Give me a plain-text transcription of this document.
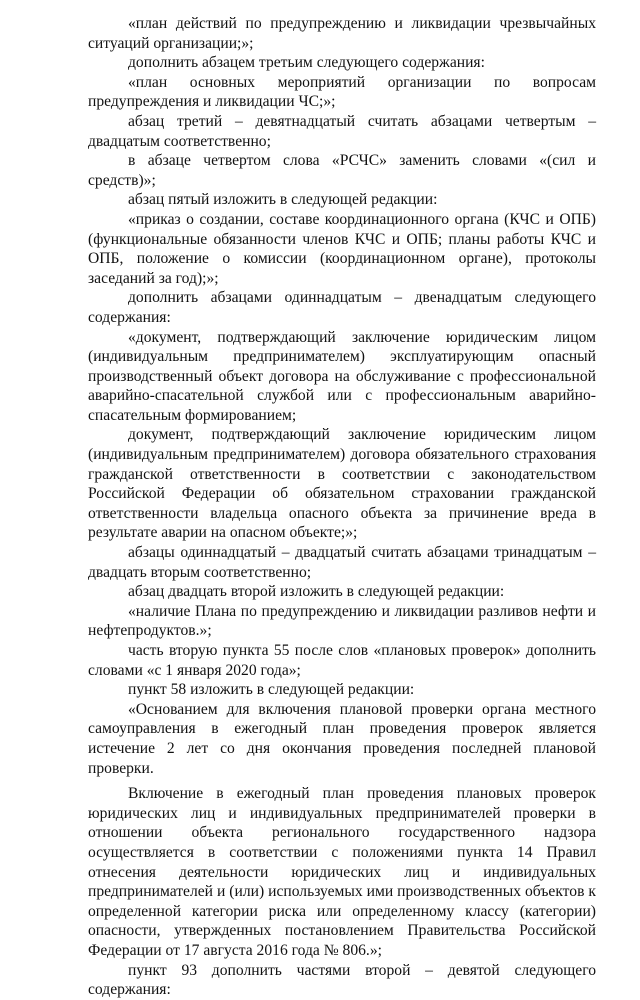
«план действий по предупреждению и ликвидации чрезвычайных ситуаций организации;»;

дополнить абзацем третьим следующего содержания:

«план основных мероприятий организации по вопросам предупреждения и ликвидации ЧС;»;

абзац третий – девятнадцатый считать абзацами четвертым – двадцатым соответственно;

в абзаце четвертом слова «РСЧС» заменить словами «(сил и средств)»;

абзац пятый изложить в следующей редакции:

«приказ о создании, составе координационного органа (КЧС и ОПБ) (функциональные обязанности членов КЧС и ОПБ; планы работы КЧС и ОПБ, положение о комиссии (координационном органе), протоколы заседаний за год);»;

дополнить абзацами одиннадцатым – двенадцатым следующего содержания:

«документ, подтверждающий заключение юридическим лицом (индивидуальным предпринимателем) эксплуатирующим опасный производственный объект договора на обслуживание с профессиональной аварийно-спасательной службой или с профессиональным аварийно-спасательным формированием;

документ, подтверждающий заключение юридическим лицом (индивидуальным предпринимателем) договора обязательного страхования гражданской ответственности в соответствии с законодательством Российской Федерации об обязательном страховании гражданской ответственности владельца опасного объекта за причинение вреда в результате аварии на опасном объекте;»;

абзацы одиннадцатый – двадцатый считать абзацами тринадцатым – двадцать вторым соответственно;

абзац двадцать второй изложить в следующей редакции:

«наличие Плана по предупреждению и ликвидации разливов нефти и нефтепродуктов.»;

часть вторую пункта 55 после слов «плановых проверок» дополнить словами «с 1 января 2020 года»;

пункт 58 изложить в следующей редакции:

«Основанием для включения плановой проверки органа местного самоуправления в ежегодный план проведения проверок является истечение 2 лет со дня окончания проведения последней плановой проверки.

Включение в ежегодный план проведения плановых проверок юридических лиц и индивидуальных предпринимателей проверки в отношении объекта регионального государственного надзора осуществляется в соответствии с положениями пункта 14 Правил отнесения деятельности юридических лиц и индивидуальных предпринимателей и (или) используемых ими производственных объектов к определенной категории риска или определенному классу (категории) опасности, утвержденных постановлением Правительства Российской Федерации от 17 августа 2016 года № 806.»;

пункт 93 дополнить частями второй – девятой следующего содержания:
